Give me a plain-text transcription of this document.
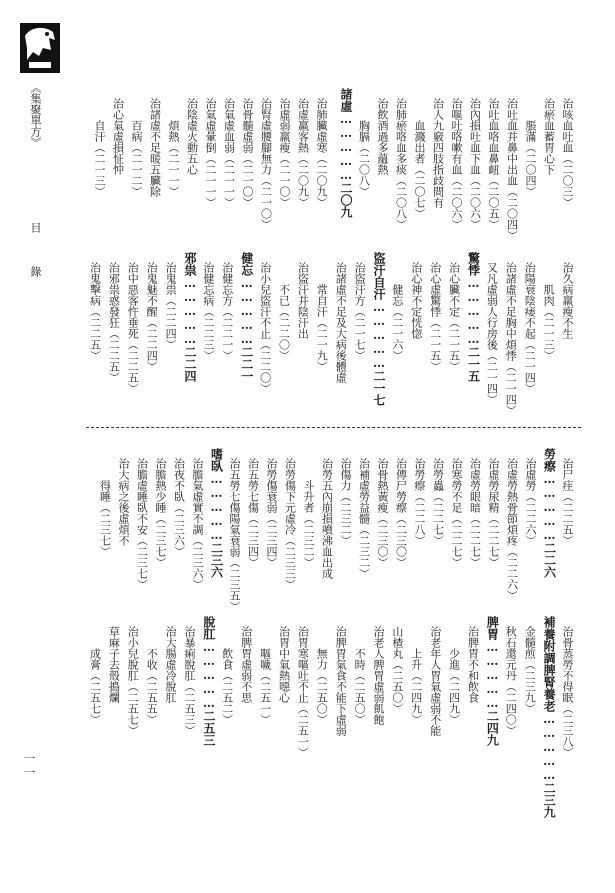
《集聚單方》
目 錄
治咳血吐血（二〇三）
治瘀血蓄胃心下
脹滿（二〇四）
治吐血并鼻中出血（二〇四）
治吐血咯血鼻衄（二〇五）
治內損吐血下血（二〇六）
治嘔吐咯嗽有血（二〇六）
治人九竅四肢指歧間有
血濺出者（二〇七）
治肺瘀咯血多痰（二〇八）
治飲酒過多蘊熱
胸膈（二〇八）
諸虛……………二〇九
治肺臟虛寒（二〇九）
治虛羸客熱（二〇九）
治虛弱羸瘦（二一〇）
治腎虛腰腳無力（二一〇）
治骨髓虛弱（二一〇）
治氣虛血弱（二一一）
治氣虛暈倒（二一一）
治陰虛火動五心
煩熱（二一一）
治諸虛不足暖五臟除
百病（二一二）
治心氣虛損怔忡
自汗（二一三）
治久病羸瘦不生
肌肉（二一三）
治陽衰陰痿不起（二一四）
治諸虛不足胸中煩悸（二一四）
又凡虛弱人行房後（二一四）
驚悸……………二一五
治心臟不定（二一五）
治心虛驚悸（二一五）
治心神不定恍惚
健忘（二一六）
盜汗自汗……………二一七
治盜汗方（二一七）
治諸虛不足及大病後體虛
常自汗（二一九）
治盜汗并陰汗出
不已（二二〇）
治小兒盜汗不止（二二〇）
健忘……………二二一
治健忘方（二二一）
治健忘病（二二三）
邪祟……………二二四
治鬼祟（二二四）
治鬼魅不醒（二二四）
治中惡客忤垂死（二二五）
治邪祟惑發狂（二二五）
治鬼擊病（二二五）
治尸疰（二二五）
勞瘵……………二二六
治虛勞（二二六）
治虛勞熱骨節煩疼（二二六）
治虛勞尿精（二二七）
治虛勞眼暗（二二七）
治寒勞不足（二二七）
治勞蟲（二二七）
治勞瘵（二二八）
治傳尸勞瘵（二三〇）
治骨熱黃瘦（二三〇）
治補虛勞益髓（二三二）
治傷力（二三二）
治勞五內崩損噴沸血出成
斗升者（二三二）
治勞傷下元虛冷（二三三）
治勞傷衰弱（二三四）
治五勞七傷（二三四）
治五勞七傷陽氣衰弱（二三五）
嗜臥……………二三六
治膽氣虛實不調（二三六）
治夜不臥（二三六）
治膽熱少睡（二三七）
治膽虛睡臥不安（二三七）
治大病之後虛煩不
得睡（二三七）
治骨蒸勞不得眠（二三八）
補養附調脾腎養老……………二三九
金髓煎（二三九）
秋石還元丹（二四〇）
脾胃……………二四九
治脾胃不和飲食
少進（二四九）
治老年人胃氣虛弱不能
上升（二四九）
山楂丸（二五〇）
治老人脾胃虛弱飢飽
不時（二五〇）
治脾胃氣食不能下虛弱
無力（二五〇）
治胃寒嘔吐不止（二五一）
治胃中氣熱噁心
嘔噦（二五一）
治脾胃虛弱不思
飲食（二五二）
脫肛……………二五三
治暴痢脫肛（二五三）
治大腸虛冷脫肛
不收（二五五）
治小兒脫肛（二五七）
草麻子去殼搗爛
成膏（二五七）
一一
